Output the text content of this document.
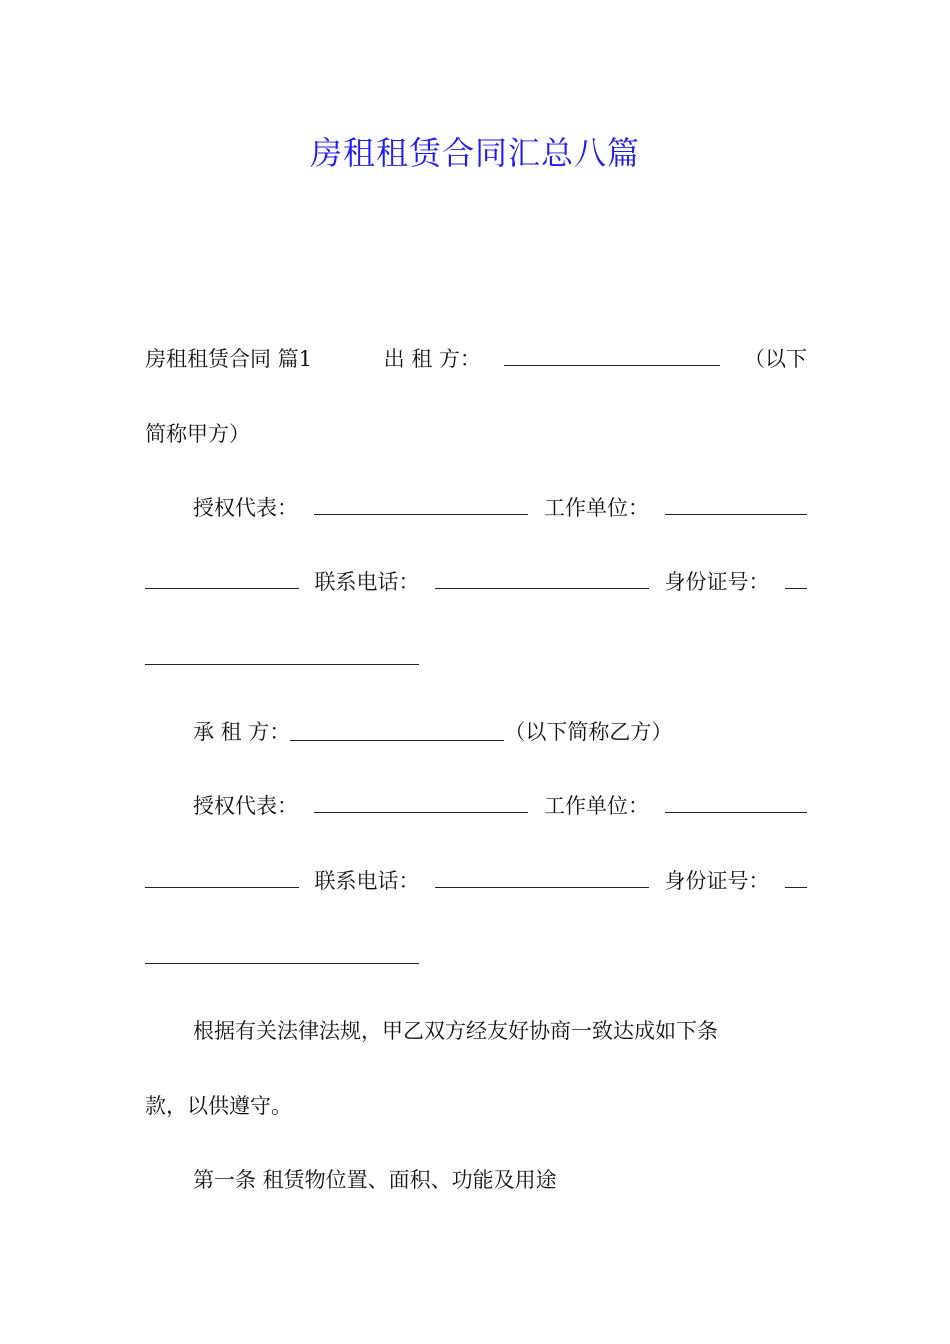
房租租赁合同汇总八篇
房租租赁合同 篇1	出 租 方：	（以下
简称甲方）
授权代表：	工作单位：
联系电话：	身份证号：
承 租 方：	（以下简称乙方）
授权代表：	工作单位：
联系电话：	身份证号：
根据有关法律法规，甲乙双方经友好协商一致达成如下条
款，以供遵守。
第一条 租赁物位置、面积、功能及用途
